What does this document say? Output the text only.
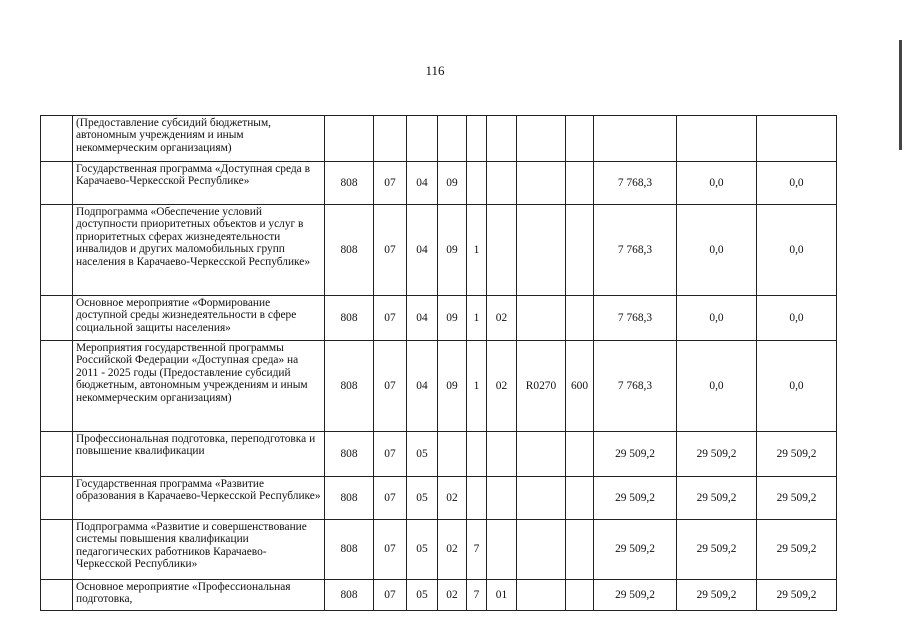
116
	(Предоставление субсидий бюджетным, автономным учреждениям и иным некоммерческим организациям)											
	Государственная программа «Доступная среда в Карачаево-Черкесской Республике»	808	07	04	09					7 768,3	0,0	0,0
	Подпрограмма «Обеспечение условий доступности приоритетных объектов и услуг в приоритетных сферах жизнедеятельности инвалидов и других маломобильных групп населения в Карачаево-Черкесской Республике»	808	07	04	09	1				7 768,3	0,0	0,0
	Основное мероприятие «Формирование доступной среды жизнедеятельности в сфере социальной защиты населения»	808	07	04	09	1	02			7 768,3	0,0	0,0
	Мероприятия государственной программы Российской Федерации «Доступная среда» на 2011 - 2025 годы (Предоставление субсидий бюджетным, автономным учреждениям и иным некоммерческим организациям)	808	07	04	09	1	02	R0270	600	7 768,3	0,0	0,0
	Профессиональная подготовка, переподготовка и повышение квалификации	808	07	05						29 509,2	29 509,2	29 509,2
	Государственная программа «Развитие образования в Карачаево-Черкесской Республике»	808	07	05	02					29 509,2	29 509,2	29 509,2
	Подпрограмма «Развитие и совершенствование системы повышения квалификации педагогических работников Карачаево-Черкесской Республики»	808	07	05	02	7				29 509,2	29 509,2	29 509,2
	Основное мероприятие «Профессиональная подготовка,	808	07	05	02	7	01			29 509,2	29 509,2	29 509,2
